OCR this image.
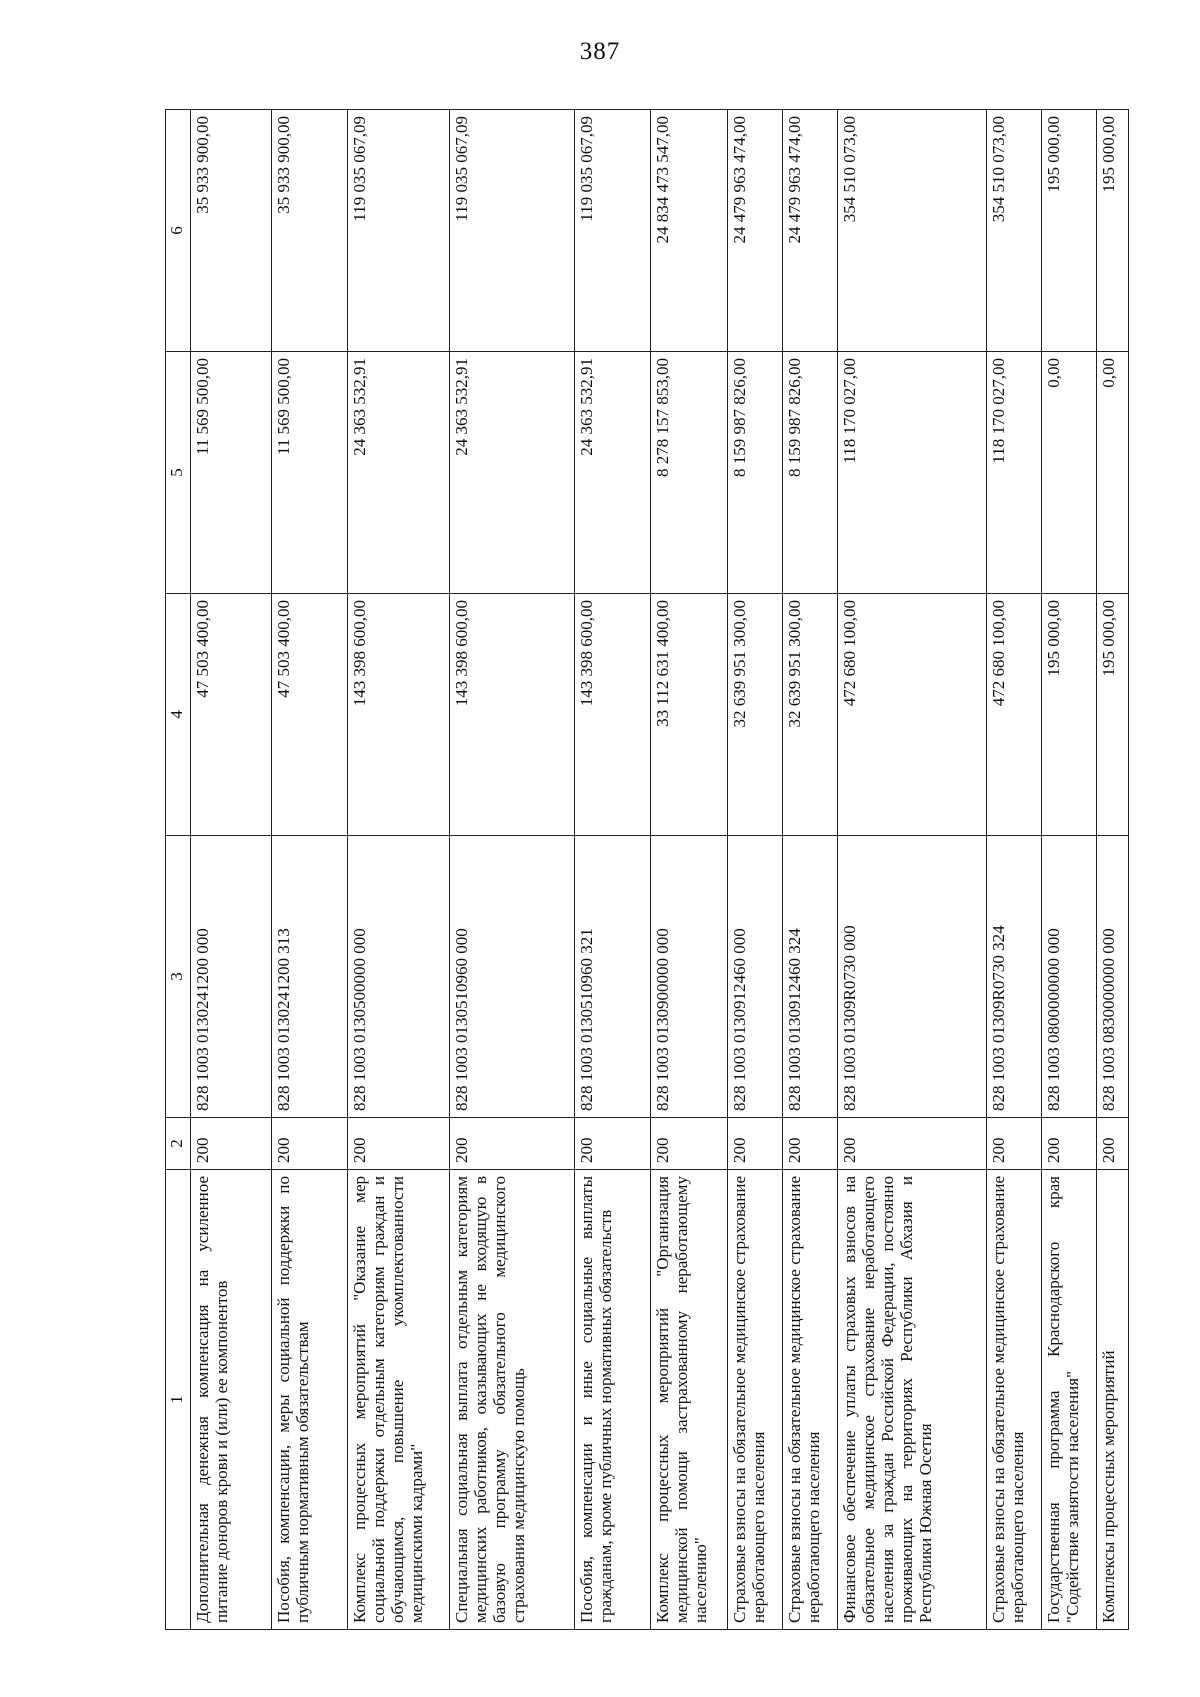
387
1	2	3	4	5	6
Дополнительная денежная компенсация на усиленное питание доноров крови и (или) ее компонентов	200	828 1003 0130241200 000	47 503 400,00	11 569 500,00	35 933 900,00
Пособия, компенсации, меры социальной поддержки по публичным нормативным обязательствам	200	828 1003 0130241200 313	47 503 400,00	11 569 500,00	35 933 900,00
Комплекс процессных мероприятий "Оказание мер социальной поддержки отдельным категориям граждан и обучающимся, повышение укомплектованности медицинскими кадрами"	200	828 1003 0130500000 000	143 398 600,00	24 363 532,91	119 035 067,09
Специальная социальная выплата отдельным категориям медицинских работников, оказывающих не входящую в базовую программу обязательного медицинского страхования медицинскую помощь	200	828 1003 0130510960 000	143 398 600,00	24 363 532,91	119 035 067,09
Пособия, компенсации и иные социальные выплаты гражданам, кроме публичных нормативных обязательств	200	828 1003 0130510960 321	143 398 600,00	24 363 532,91	119 035 067,09
Комплекс процессных мероприятий "Организация медицинской помощи застрахованному неработающему населению"	200	828 1003 0130900000 000	33 112 631 400,00	8 278 157 853,00	24 834 473 547,00
Страховые взносы на обязательное медицинское страхование неработающего населения	200	828 1003 0130912460 000	32 639 951 300,00	8 159 987 826,00	24 479 963 474,00
Страховые взносы на обязательное медицинское страхование неработающего населения	200	828 1003 0130912460 324	32 639 951 300,00	8 159 987 826,00	24 479 963 474,00
Финансовое обеспечение уплаты страховых взносов на обязательное медицинское страхование неработающего населения за граждан Российской Федерации, постоянно проживающих на территориях Республики Абхазия и Республики Южная Осетия	200	828 1003 01309R0730 000	472 680 100,00	118 170 027,00	354 510 073,00
Страховые взносы на обязательное медицинское страхование неработающего населения	200	828 1003 01309R0730 324	472 680 100,00	118 170 027,00	354 510 073,00
Государственная программа Краснодарского края "Содействие занятости населения"	200	828 1003 0800000000 000	195 000,00	0,00	195 000,00
Комплексы процессных мероприятий	200	828 1003 0830000000 000	195 000,00	0,00	195 000,00
